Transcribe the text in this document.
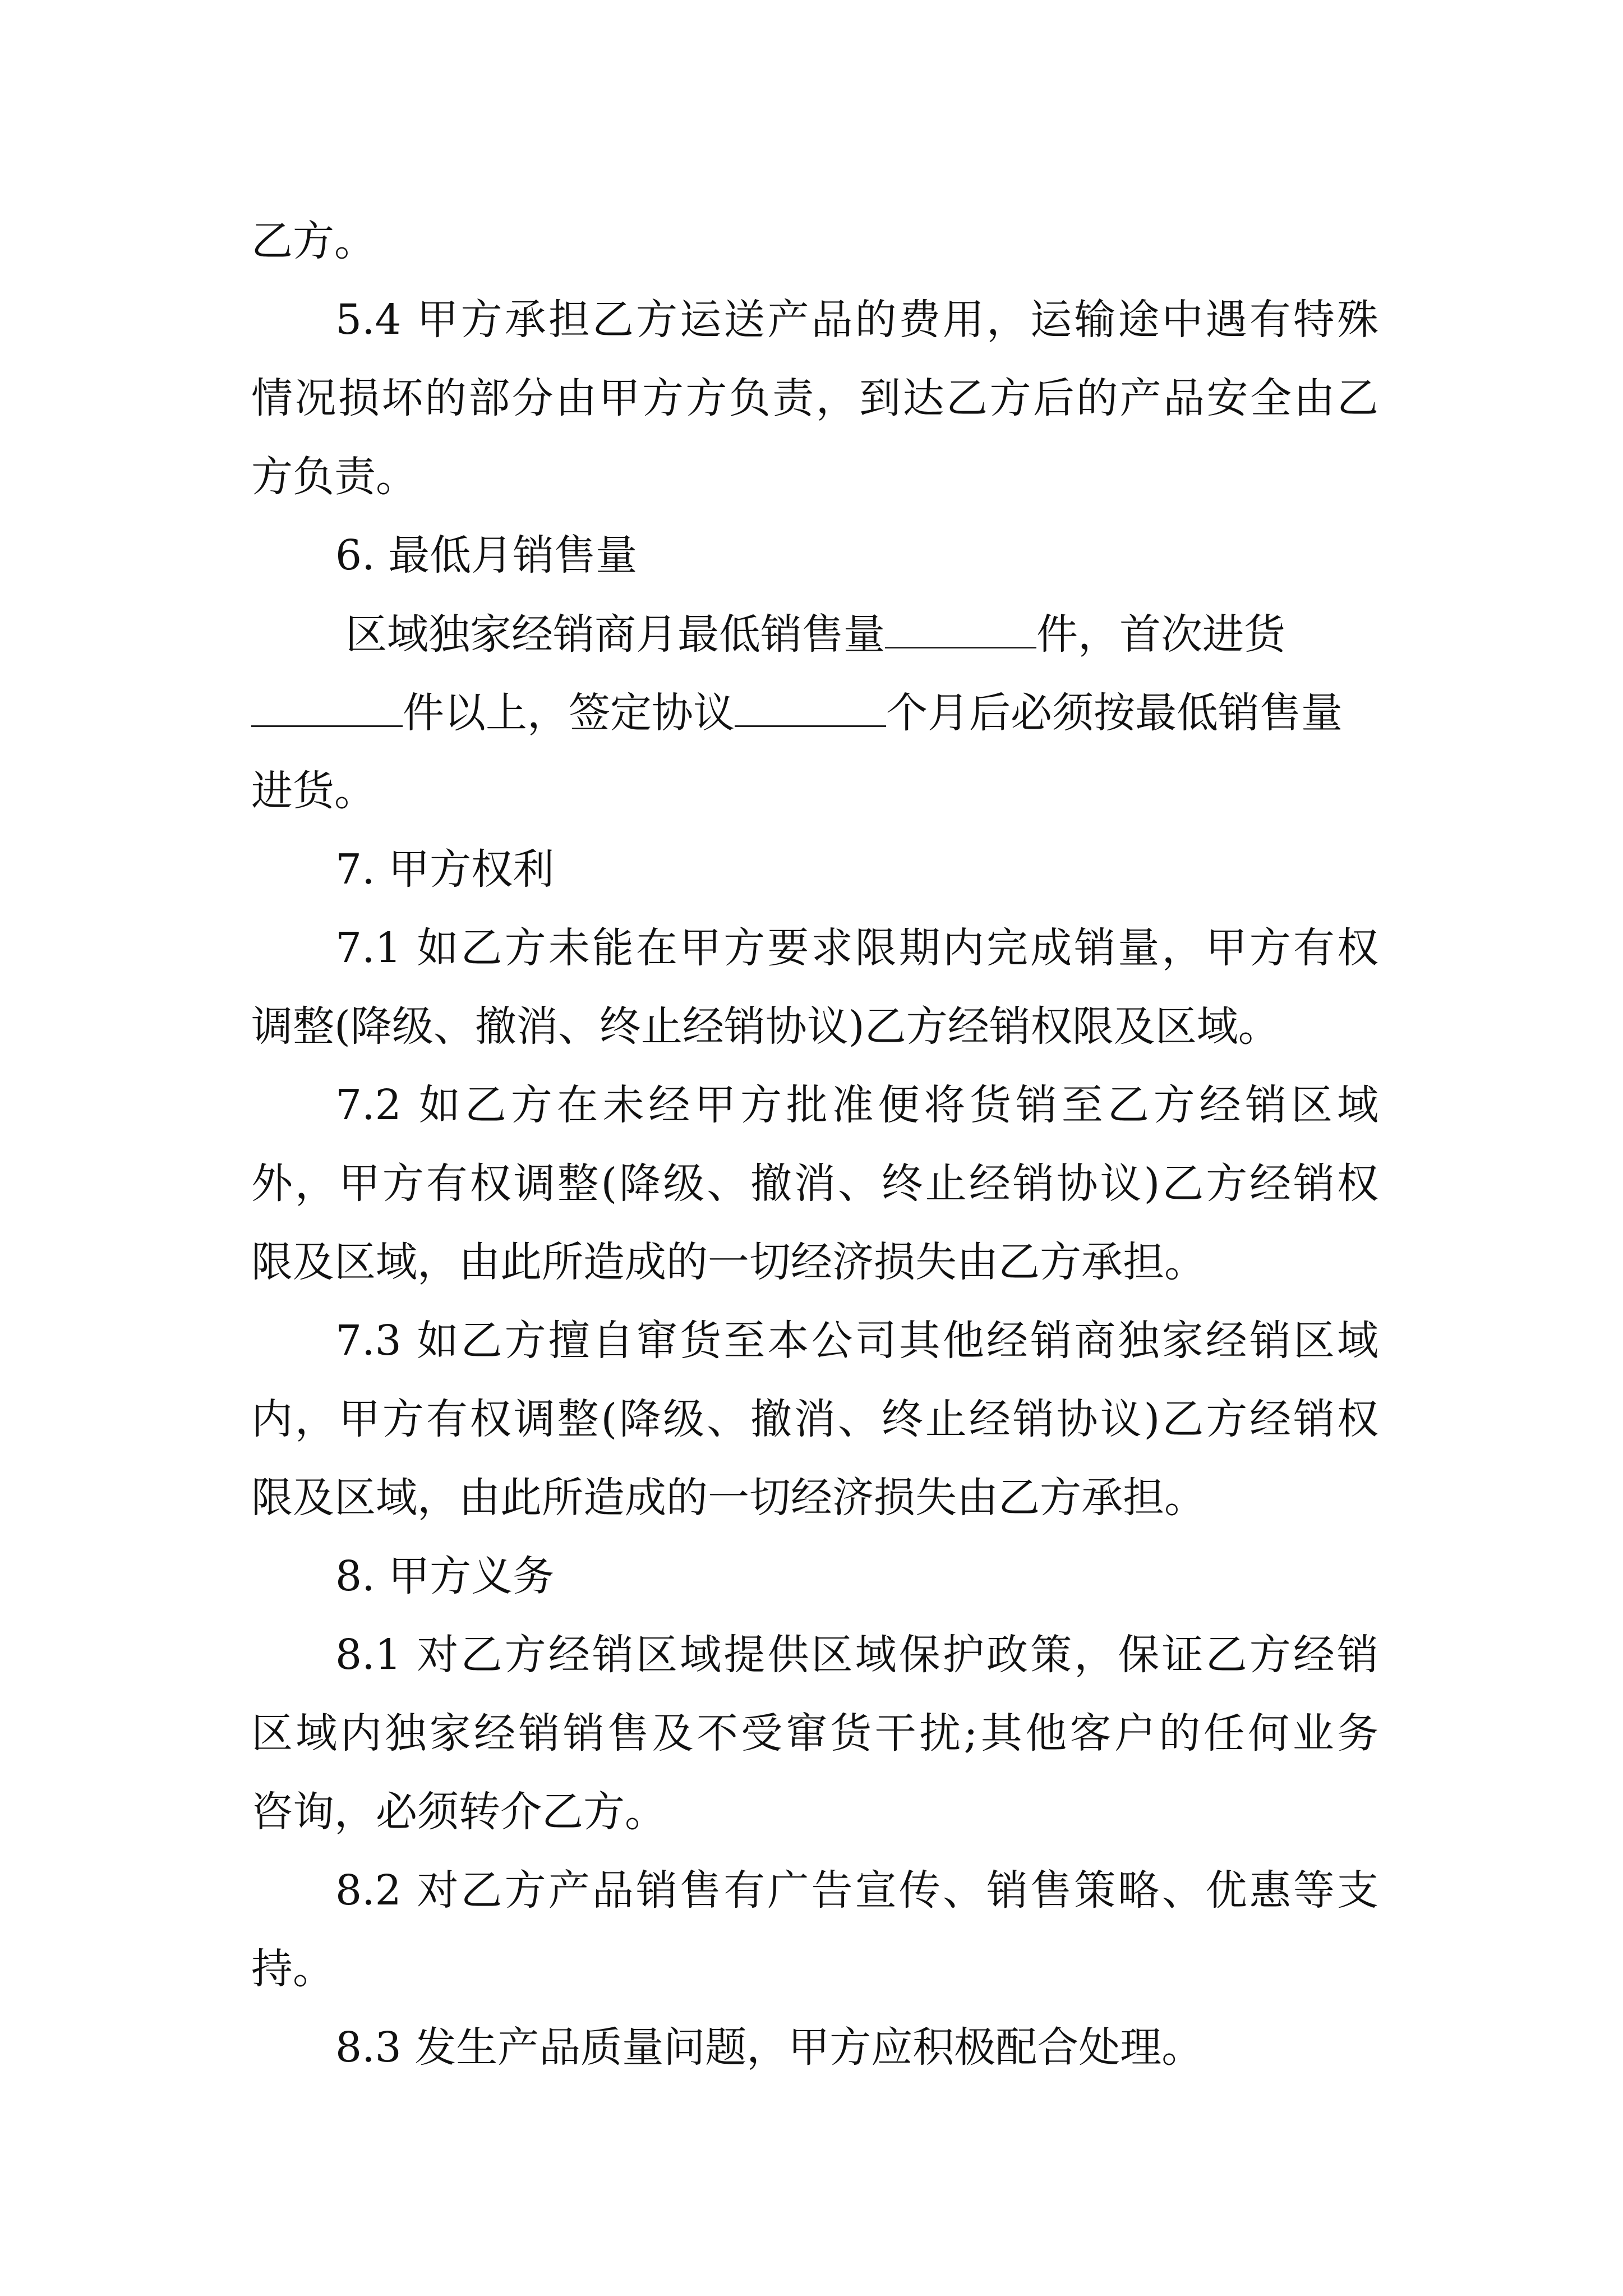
乙方。
5.4 甲方承担乙方运送产品的费用，运输途中遇有特殊
情况损坏的部分由甲方方负责，到达乙方后的产品安全由乙
方负责。
6. 最低月销售量
区域独家经销商月最低销售量	件，首次进货
件以上，签定协议	个月后必须按最低销售量
进货。
7. 甲方权利
7.1 如乙方未能在甲方要求限期内完成销量，甲方有权
调整(降级、撤消、终止经销协议)乙方经销权限及区域。
7.2 如乙方在未经甲方批准便将货销至乙方经销区域
外，甲方有权调整(降级、撤消、终止经销协议)乙方经销权
限及区域，由此所造成的一切经济损失由乙方承担。
7.3 如乙方擅自窜货至本公司其他经销商独家经销区域
内，甲方有权调整(降级、撤消、终止经销协议)乙方经销权
限及区域，由此所造成的一切经济损失由乙方承担。
8. 甲方义务
8.1 对乙方经销区域提供区域保护政策，保证乙方经销
区域内独家经销销售及不受窜货干扰;其他客户的任何业务
咨询，必须转介乙方。
8.2 对乙方产品销售有广告宣传、销售策略、优惠等支
持。
8.3 发生产品质量问题，甲方应积极配合处理。
